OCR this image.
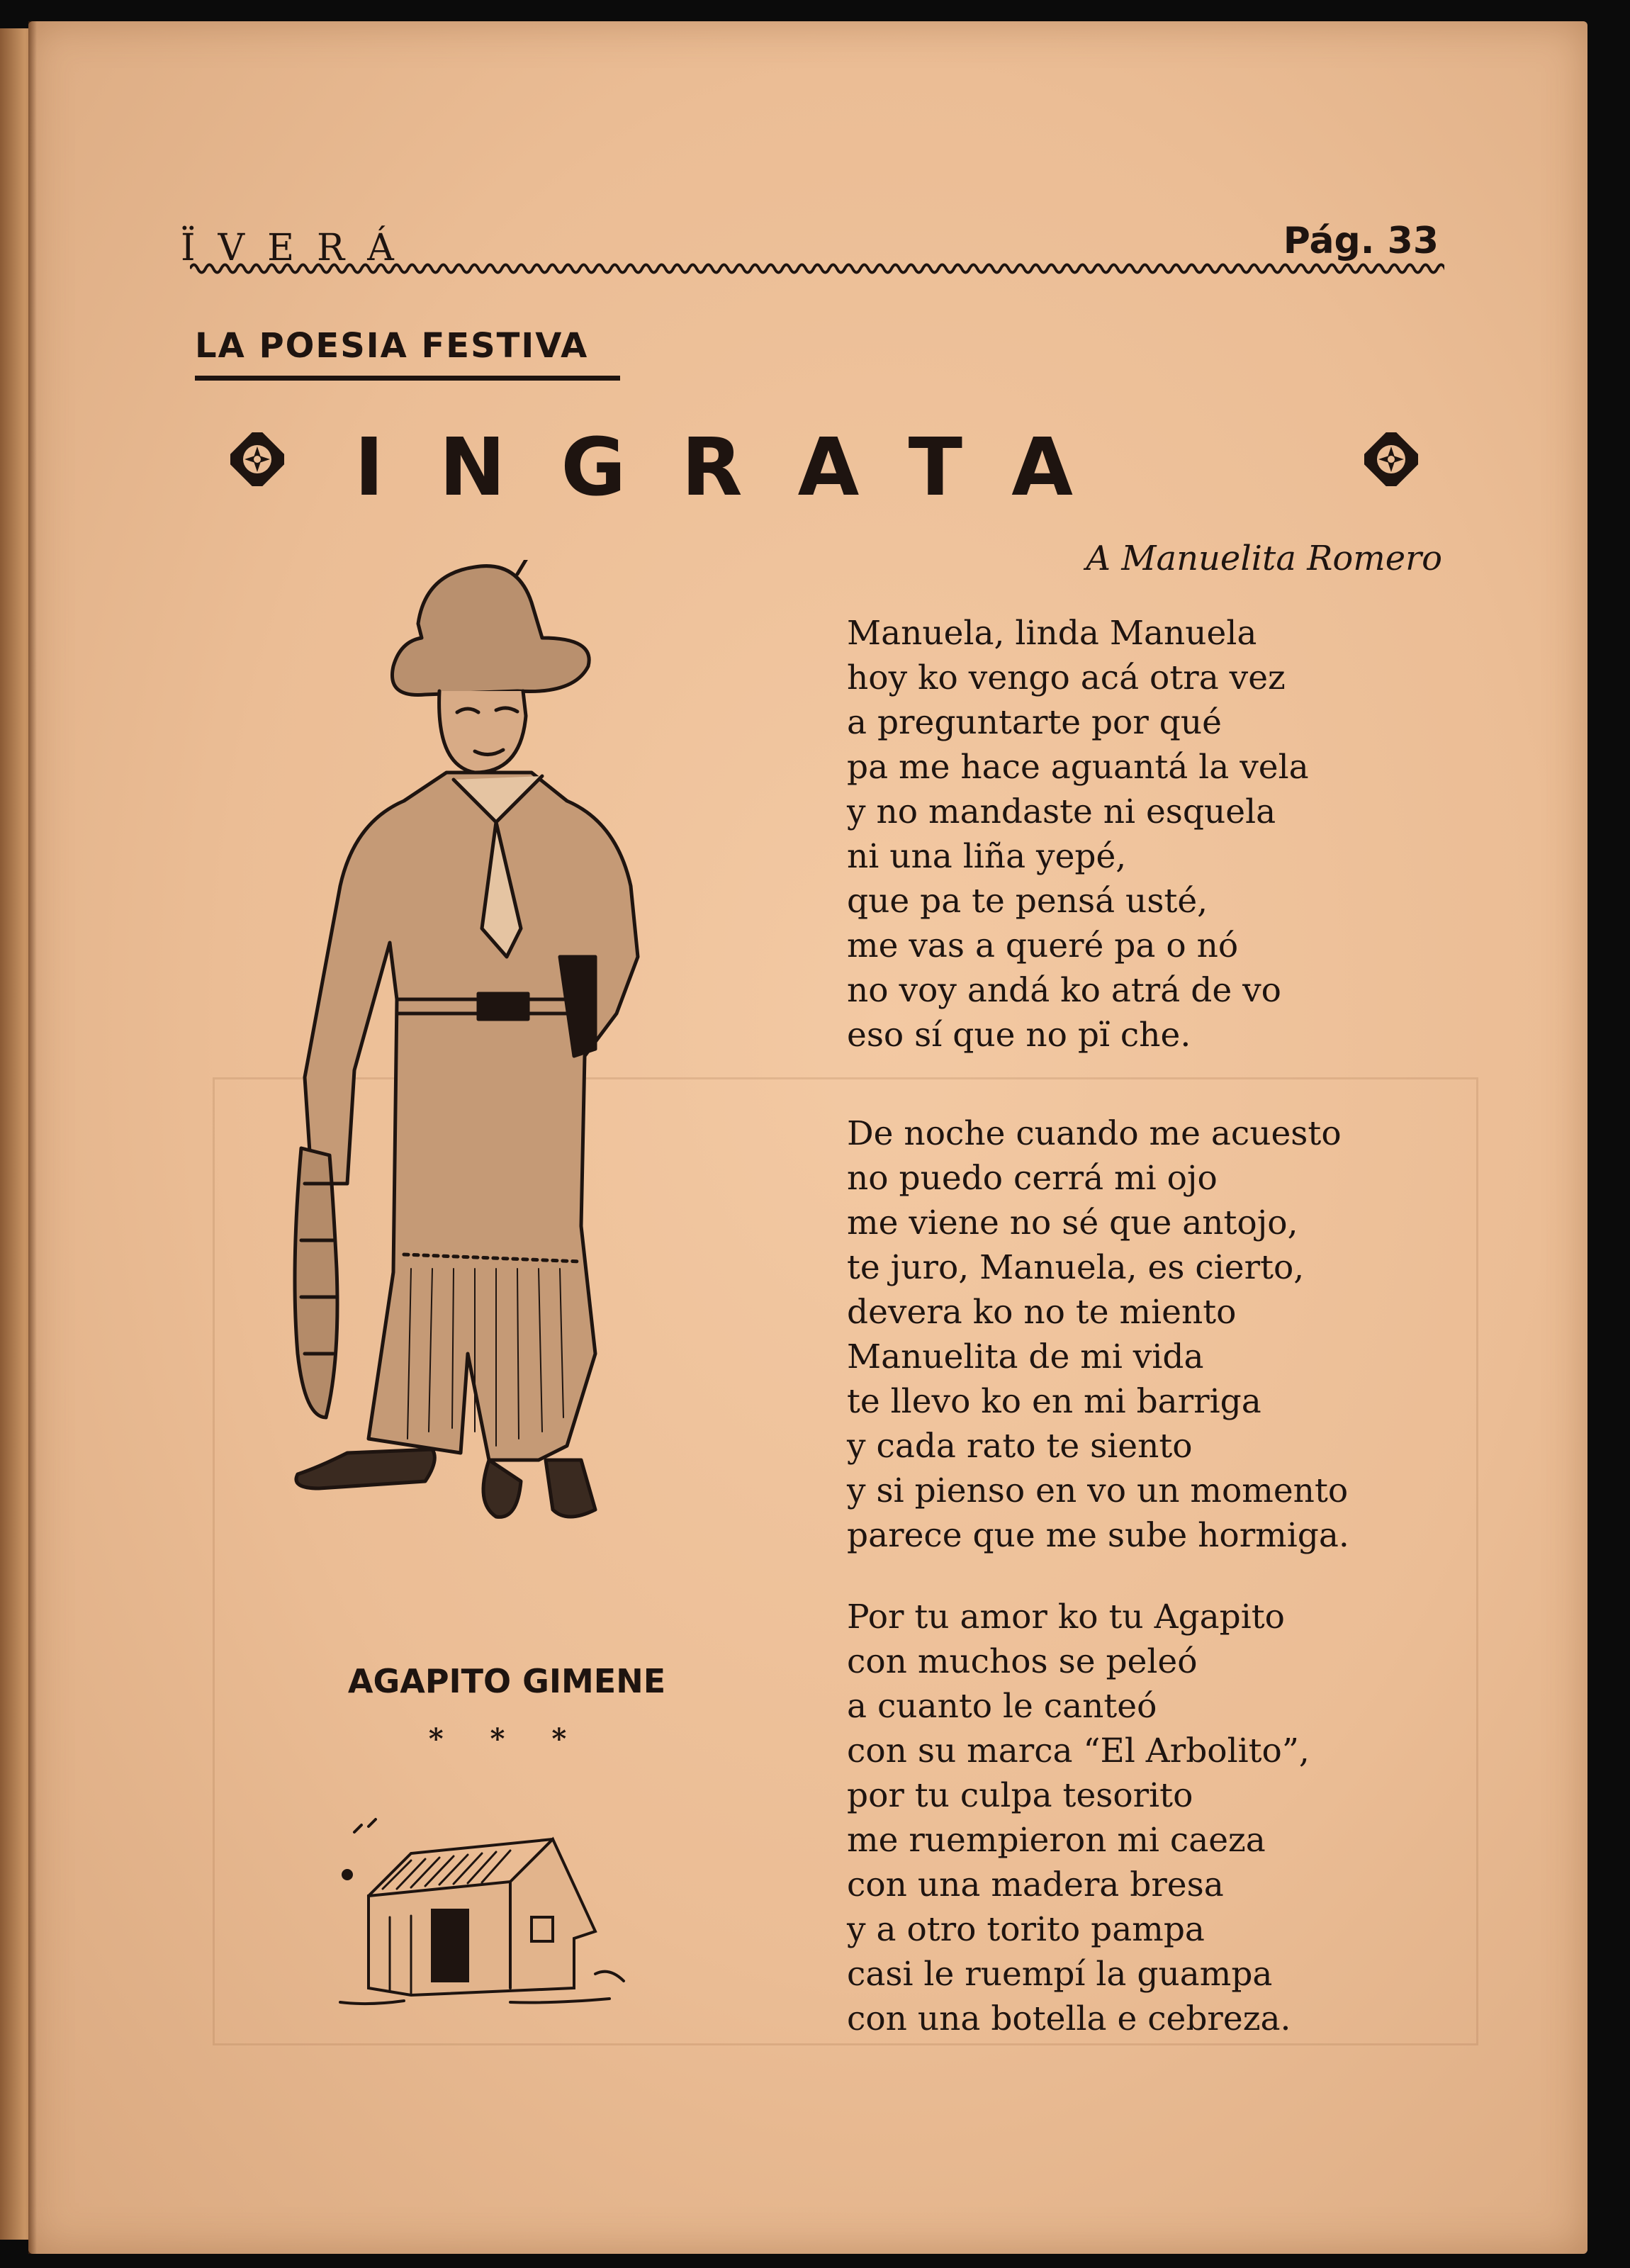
ÏVERÁ	Pág. 33
LA POESIA FESTIVA
INGRATA
A Manuelita Romero
AGAPITO GIMENE
* * *
Manuela, linda Manuela
hoy ko vengo acá otra vez
a preguntarte por qué
pa me hace aguantá la vela
y no mandaste ni esquela
ni una liña yepé,
que pa te pensá usté,
me vas a queré pa o nó
no voy andá ko atrá de vo
eso sí que no pï che.
De noche cuando me acuesto
no puedo cerrá mi ojo
me viene no sé que antojo,
te juro, Manuela, es cierto,
devera ko no te miento
Manuelita de mi vida
te llevo ko en mi barriga
y cada rato te siento
y si pienso en vo un momento
parece que me sube hormiga.
Por tu amor ko tu Agapito
con muchos se peleó
a cuanto le canteó
con su marca “El Arbolito”,
por tu culpa tesorito
me ruempieron mi caeza
con una madera bresa
y a otro torito pampa
casi le ruempí la guampa
con una botella e cebreza.
